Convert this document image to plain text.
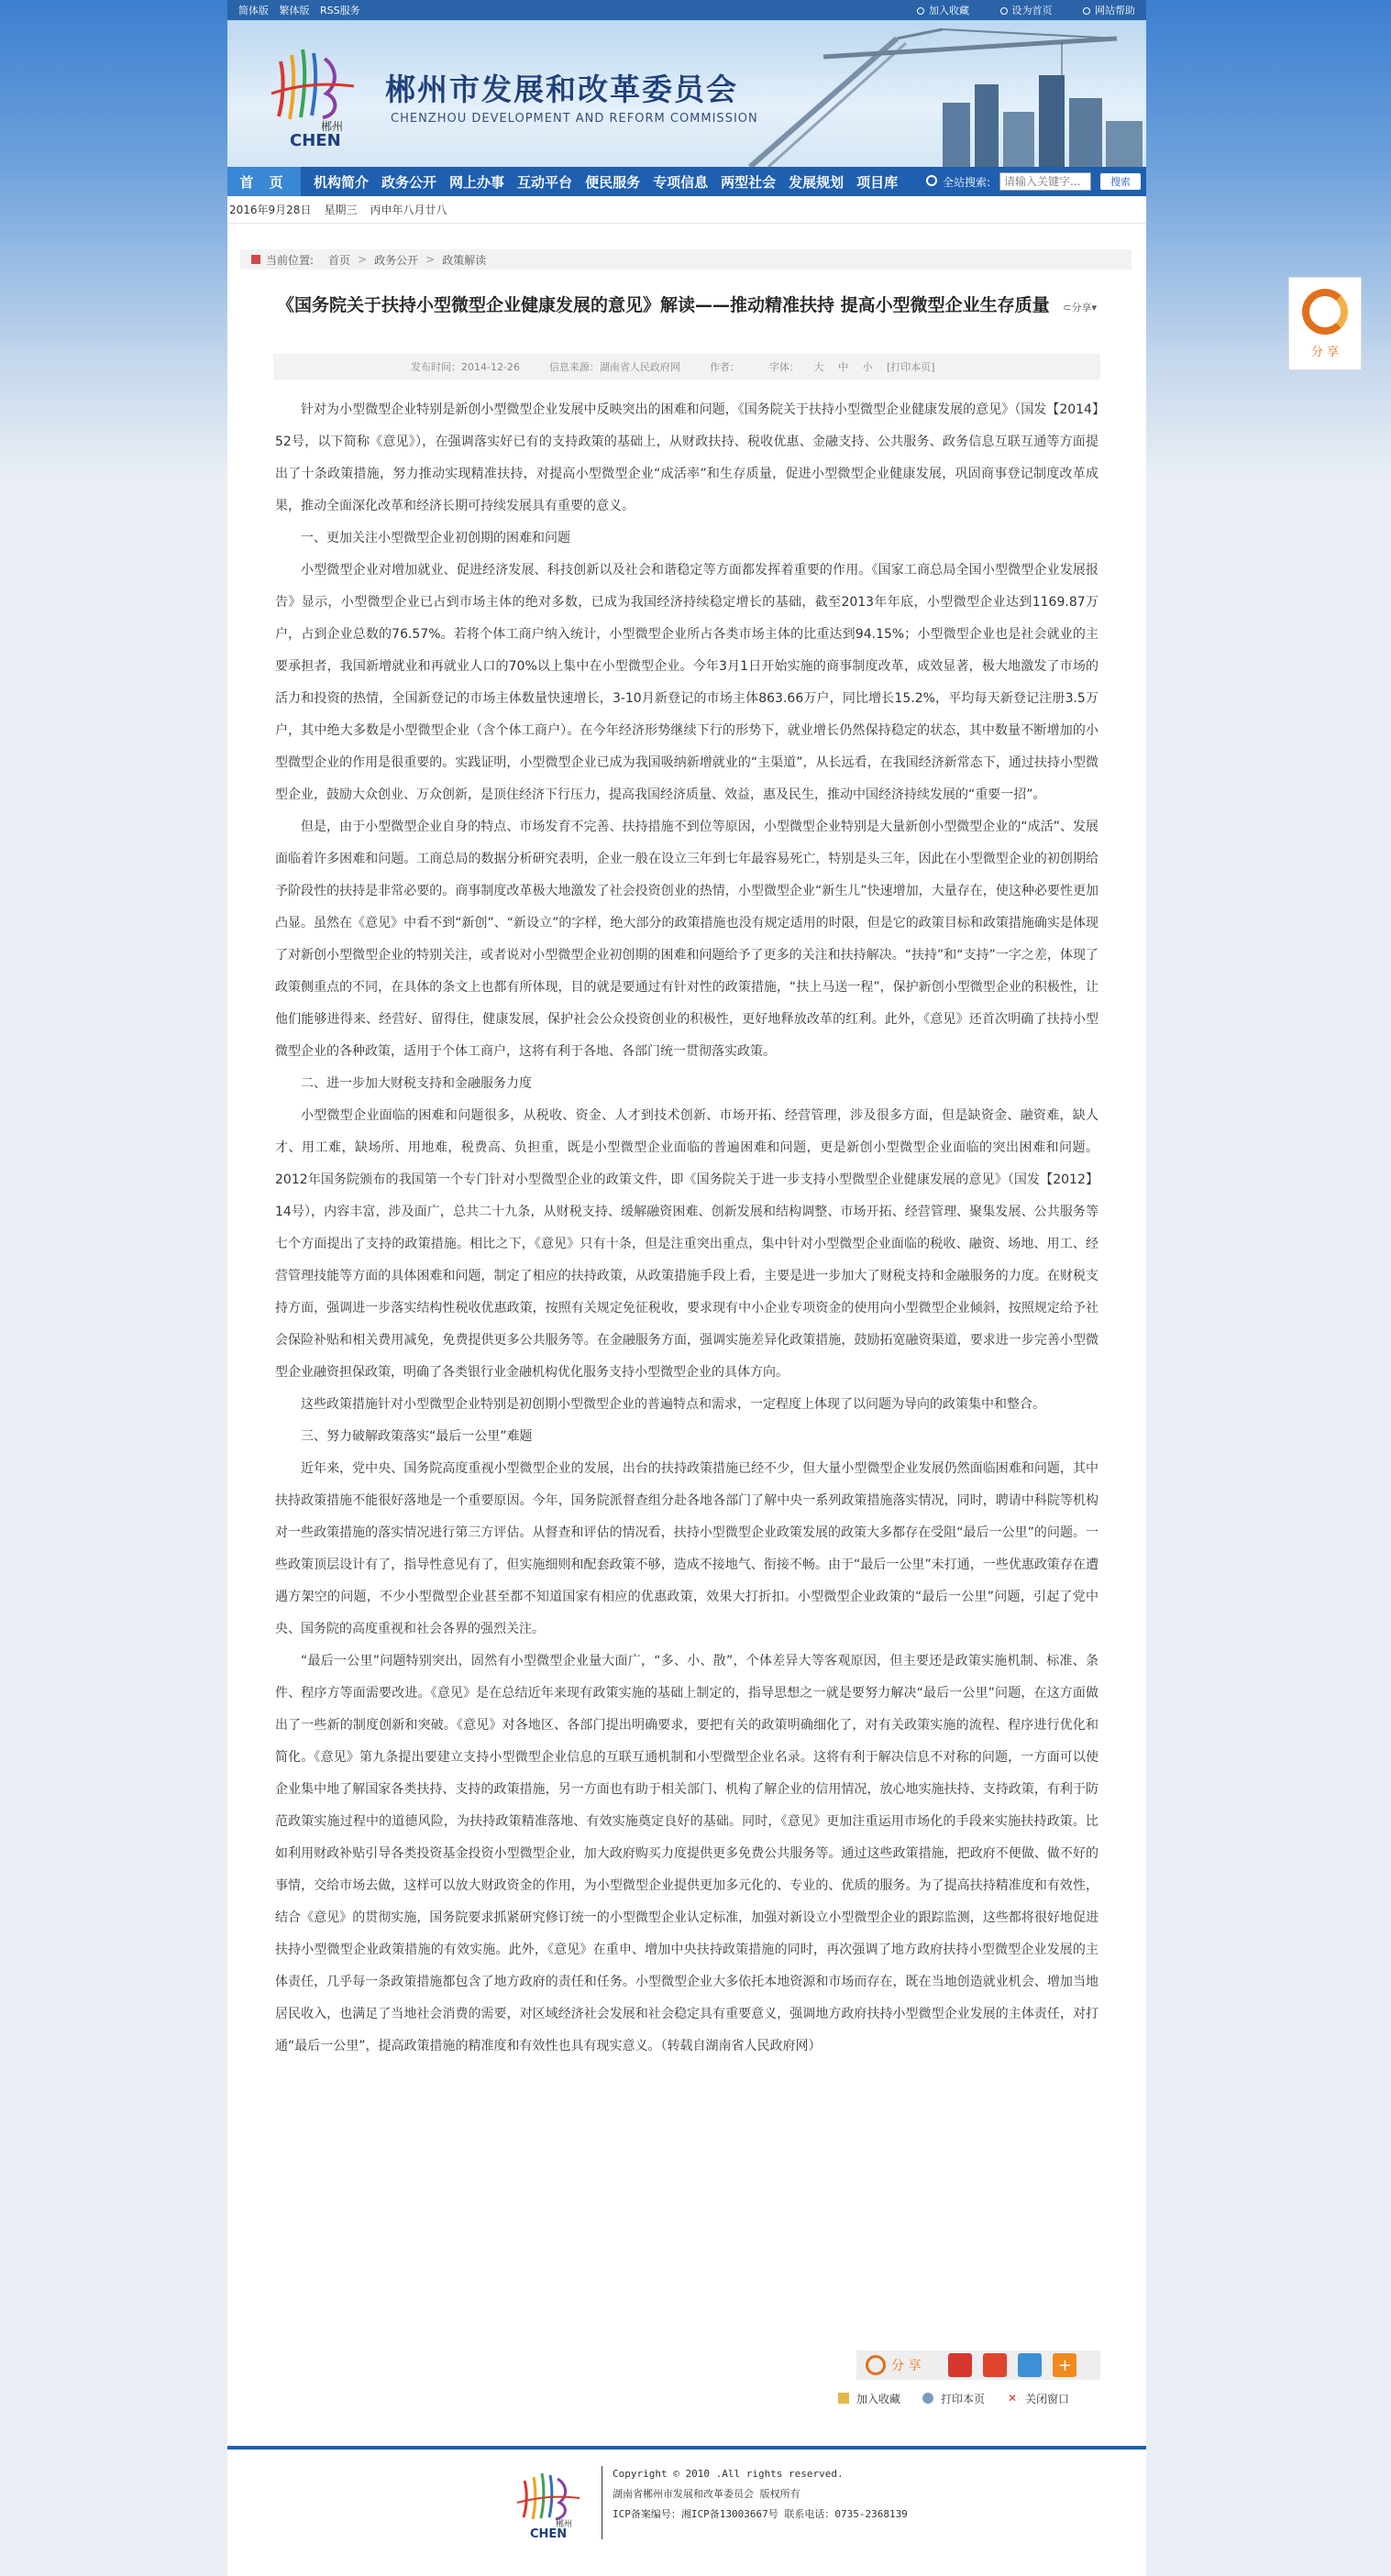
简体版 繁体版 RSS服务	加入收藏	设为首页	网站帮助
郴州
CHEN
郴州市发展和改革委员会
CHENZHOU DEVELOPMENT AND REFORM COMMISSION
首 页	机构简介 政务公开 网上办事 互动平台 便民服务 专项信息 两型社会 发展规划 项目库	全站搜索:
请输入关键字...	搜索
2016年9月28日 星期三 丙申年八月廿八
当前位置: 首页 > 政务公开 > 政策解读
《国务院关于扶持小型微型企业健康发展的意见》解读——推动精准扶持 提高小型微型企业生存质量 ⊂分享▾
发布时间：2014-12-26	信息来源：湖南省人民政府网	作者：	字体： 大 中 小 [打印本页]

针对为小型微型企业特别是新创小型微型企业发展中反映突出的困难和问题，《国务院关于扶持小型微型企业健康发展的意见》（国发【2014】52号，以下简称《意见》），在强调落实好已有的支持政策的基础上，从财政扶持、税收优惠、金融支持、公共服务、政务信息互联互通等方面提出了十条政策措施，努力推动实现精准扶持，对提高小型微型企业“成活率”和生存质量，促进小型微型企业健康发展，巩固商事登记制度改革成果，推动全面深化改革和经济长期可持续发展具有重要的意义。

一、更加关注小型微型企业初创期的困难和问题

小型微型企业对增加就业、促进经济发展、科技创新以及社会和谐稳定等方面都发挥着重要的作用。《国家工商总局全国小型微型企业发展报告》显示，小型微型企业已占到市场主体的绝对多数，已成为我国经济持续稳定增长的基础，截至2013年年底，小型微型企业达到1169.87万户，占到企业总数的76.57%。若将个体工商户纳入统计，小型微型企业所占各类市场主体的比重达到94.15%；小型微型企业也是社会就业的主要承担者，我国新增就业和再就业人口的70%以上集中在小型微型企业。今年3月1日开始实施的商事制度改革，成效显著，极大地激发了市场的活力和投资的热情，全国新登记的市场主体数量快速增长，3-10月新登记的市场主体863.66万户，同比增长15.2%，平均每天新登记注册3.5万户，其中绝大多数是小型微型企业（含个体工商户）。在今年经济形势继续下行的形势下，就业增长仍然保持稳定的状态，其中数量不断增加的小型微型企业的作用是很重要的。实践证明，小型微型企业已成为我国吸纳新增就业的“主渠道”，从长远看，在我国经济新常态下，通过扶持小型微型企业，鼓励大众创业、万众创新，是顶住经济下行压力，提高我国经济质量、效益，惠及民生，推动中国经济持续发展的“重要一招”。

但是，由于小型微型企业自身的特点、市场发育不完善、扶持措施不到位等原因，小型微型企业特别是大量新创小型微型企业的“成活”、发展面临着许多困难和问题。工商总局的数据分析研究表明，企业一般在设立三年到七年最容易死亡，特别是头三年，因此在小型微型企业的初创期给予阶段性的扶持是非常必要的。商事制度改革极大地激发了社会投资创业的热情，小型微型企业“新生儿”快速增加，大量存在，使这种必要性更加凸显。虽然在《意见》中看不到“新创”、“新设立”的字样，绝大部分的政策措施也没有规定适用的时限，但是它的政策目标和政策措施确实是体现了对新创小型微型企业的特别关注，或者说对小型微型企业初创期的困难和问题给予了更多的关注和扶持解决。“扶持”和“支持”一字之差，体现了政策侧重点的不同，在具体的条文上也都有所体现，目的就是要通过有针对性的政策措施，“扶上马送一程”，保护新创小型微型企业的积极性，让他们能够进得来、经营好、留得住，健康发展，保护社会公众投资创业的积极性，更好地释放改革的红利。此外，《意见》还首次明确了扶持小型微型企业的各种政策，适用于个体工商户，这将有利于各地、各部门统一贯彻落实政策。

二、进一步加大财税支持和金融服务力度

小型微型企业面临的困难和问题很多，从税收、资金、人才到技术创新、市场开拓、经营管理，涉及很多方面，但是缺资金、融资难，缺人才、用工难，缺场所、用地难，税费高、负担重，既是小型微型企业面临的普遍困难和问题，更是新创小型微型企业面临的突出困难和问题。2012年国务院颁布的我国第一个专门针对小型微型企业的政策文件，即《国务院关于进一步支持小型微型企业健康发展的意见》（国发【2012】14号），内容丰富，涉及面广，总共二十九条，从财税支持、缓解融资困难、创新发展和结构调整、市场开拓、经营管理、聚集发展、公共服务等七个方面提出了支持的政策措施。相比之下，《意见》只有十条，但是注重突出重点，集中针对小型微型企业面临的税收、融资、场地、用工、经营管理技能等方面的具体困难和问题，制定了相应的扶持政策，从政策措施手段上看，主要是进一步加大了财税支持和金融服务的力度。在财税支持方面，强调进一步落实结构性税收优惠政策，按照有关规定免征税收，要求现有中小企业专项资金的使用向小型微型企业倾斜，按照规定给予社会保险补贴和相关费用减免，免费提供更多公共服务等。在金融服务方面，强调实施差异化政策措施，鼓励拓宽融资渠道，要求进一步完善小型微型企业融资担保政策，明确了各类银行业金融机构优化服务支持小型微型企业的具体方向。

这些政策措施针对小型微型企业特别是初创期小型微型企业的普遍特点和需求，一定程度上体现了以问题为导向的政策集中和整合。

三、努力破解政策落实“最后一公里”难题

近年来，党中央、国务院高度重视小型微型企业的发展，出台的扶持政策措施已经不少，但大量小型微型企业发展仍然面临困难和问题，其中扶持政策措施不能很好落地是一个重要原因。今年，国务院派督查组分赴各地各部门了解中央一系列政策措施落实情况，同时，聘请中科院等机构对一些政策措施的落实情况进行第三方评估。从督查和评估的情况看，扶持小型微型企业政策发展的政策大多都存在受阻“最后一公里”的问题。一些政策顶层设计有了，指导性意见有了，但实施细则和配套政策不够，造成不接地气、衔接不畅。由于“最后一公里”未打通，一些优惠政策存在遭遇方架空的问题，不少小型微型企业甚至都不知道国家有相应的优惠政策，效果大打折扣。小型微型企业政策的“最后一公里”问题，引起了党中央、国务院的高度重视和社会各界的强烈关注。

“最后一公里”问题特别突出，固然有小型微型企业量大面广，“多、小、散”，个体差异大等客观原因，但主要还是政策实施机制、标准、条件、程序方等面需要改进。《意见》是在总结近年来现有政策实施的基础上制定的，指导思想之一就是要努力解决“最后一公里”问题，在这方面做出了一些新的制度创新和突破。《意见》对各地区、各部门提出明确要求，要把有关的政策明确细化了，对有关政策实施的流程、程序进行优化和简化。《意见》第九条提出要建立支持小型微型企业信息的互联互通机制和小型微型企业名录。这将有利于解决信息不对称的问题，一方面可以使企业集中地了解国家各类扶持、支持的政策措施，另一方面也有助于相关部门、机构了解企业的信用情况，放心地实施扶持、支持政策，有利于防范政策实施过程中的道德风险，为扶持政策精准落地、有效实施奠定良好的基础。同时，《意见》更加注重运用市场化的手段来实施扶持政策。比如利用财政补贴引导各类投资基金投资小型微型企业，加大政府购买力度提供更多免费公共服务等。通过这些政策措施，把政府不便做、做不好的事情，交给市场去做，这样可以放大财政资金的作用，为小型微型企业提供更加多元化的、专业的、优质的服务。为了提高扶持精准度和有效性，结合《意见》的贯彻实施，国务院要求抓紧研究修订统一的小型微型企业认定标准，加强对新设立小型微型企业的跟踪监测，这些都将很好地促进扶持小型微型企业政策措施的有效实施。此外，《意见》在重申、增加中央扶持政策措施的同时，再次强调了地方政府扶持小型微型企业发展的主体责任，几乎每一条政策措施都包含了地方政府的责任和任务。小型微型企业大多依托本地资源和市场而存在，既在当地创造就业机会、增加当地居民收入，也满足了当地社会消费的需要，对区域经济社会发展和社会稳定具有重要意义，强调地方政府扶持小型微型企业发展的主体责任，对打通“最后一公里”，提高政策措施的精准度和有效性也具有现实意义。（转载自湖南省人民政府网）

分 享	+
加入收藏	打印本页 ✕ 关闭窗口
郴州
CHEN
Copyright © 2010 .All rights reserved.
湖南省郴州市发展和改革委员会 版权所有
ICP备案编号：湘ICP备13003667号 联系电话：0735-2368139
分 享
